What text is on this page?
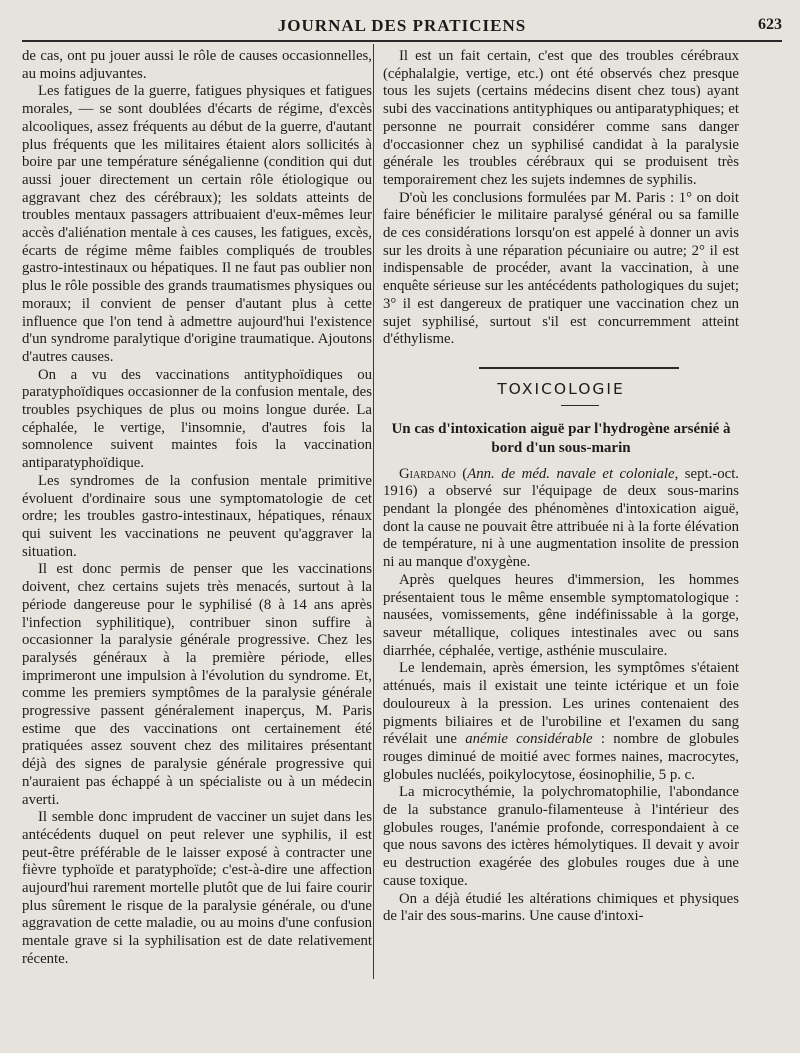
JOURNAL DES PRATICIENS	623

de cas, ont pu jouer aussi le rôle de causes occasionnelles, au moins adjuvantes.

Les fatigues de la guerre, fatigues physiques et fatigues morales, — se sont doublées d'écarts de régime, d'excès alcooliques, assez fréquents au début de la guerre, d'autant plus fréquents que les militaires étaient alors sollicités à boire par une température sénégalienne (condition qui dut aussi jouer directement un certain rôle étiologique ou aggravant chez des cérébraux); les soldats atteints de troubles mentaux passagers attribuaient d'eux-mêmes leur accès d'aliénation mentale à ces causes, les fatigues, excès, écarts de régime même faibles compliqués de troubles gastro-intestinaux ou hépatiques. Il ne faut pas oublier non plus le rôle possible des grands traumatismes physiques ou moraux; il convient de penser d'autant plus à cette influence que l'on tend à admettre aujourd'hui l'existence d'un syndrome paralytique d'origine traumatique. Ajoutons d'autres causes.

On a vu des vaccinations antityphoïdiques ou paratyphoïdiques occasionner de la confusion mentale, des troubles psychiques de plus ou moins longue durée. La céphalée, le vertige, l'insomnie, d'autres fois la somnolence suivent maintes fois la vaccination antiparatyphoïdique.

Les syndromes de la confusion mentale primitive évoluent d'ordinaire sous une symptomatologie de cet ordre; les troubles gastro-intestinaux, hépatiques, rénaux qui suivent les vaccinations ne peuvent qu'aggraver la situation.

Il est donc permis de penser que les vaccinations doivent, chez certains sujets très menacés, surtout à la période dangereuse pour le syphilisé (8 à 14 ans après l'infection syphilitique), contribuer sinon suffire à occasionner la paralysie générale progressive. Chez les paralysés généraux à la première période, elles imprimeront une impulsion à l'évolution du syndrome. Et, comme les premiers symptômes de la paralysie générale progressive passent généralement inaperçus, M. Paris estime que des vaccinations ont certainement été pratiquées assez souvent chez des militaires présentant déjà des signes de paralysie générale progressive qui n'auraient pas échappé à un spécialiste ou à un médecin averti.

Il semble donc imprudent de vacciner un sujet dans les antécédents duquel on peut relever une syphilis, il est peut-être préférable de le laisser exposé à contracter une fièvre typhoïde et paratyphoïde; c'est-à-dire une affection aujourd'hui rarement mortelle plutôt que de lui faire courir plus sûrement le risque de la paralysie générale, ou d'une aggravation de cette maladie, ou au moins d'une confusion mentale grave si la syphilisation est de date relativement récente.

Il est un fait certain, c'est que des troubles cérébraux (céphalalgie, vertige, etc.) ont été observés chez presque tous les sujets (certains médecins disent chez tous) ayant subi des vaccinations antityphiques ou antiparatyphiques; et personne ne pourrait considérer comme sans danger d'occasionner chez un syphilisé candidat à la paralysie générale les troubles cérébraux qui se produisent très temporairement chez les sujets indemnes de syphilis.

D'où les conclusions formulées par M. Paris : 1° on doit faire bénéficier le militaire paralysé général ou sa famille de ces considérations lorsqu'on est appelé à donner un avis sur les droits à une réparation pécuniaire ou autre; 2° il est indispensable de procéder, avant la vaccination, à une enquête sérieuse sur les antécédents pathologiques du sujet; 3° il est dangereux de pratiquer une vaccination chez un sujet syphilisé, surtout s'il est concurremment atteint d'éthylisme.

TOXICOLOGIE
Un cas d'intoxication aiguë par l'hydrogène arsénié à bord d'un sous-marin

Giardano (Ann. de méd. navale et coloniale, sept.-oct. 1916) a observé sur l'équipage de deux sous-marins pendant la plongée des phénomènes d'intoxication aiguë, dont la cause ne pouvait être attribuée ni à la forte élévation de température, ni à une augmentation insolite de pression ni au manque d'oxygène.

Après quelques heures d'immersion, les hommes présentaient tous le même ensemble symptomatologique : nausées, vomissements, gêne indéfinissable à la gorge, saveur métallique, coliques intestinales avec ou sans diarrhée, céphalée, vertige, asthénie musculaire.

Le lendemain, après émersion, les symptômes s'étaient atténués, mais il existait une teinte ictérique et un foie douloureux à la pression. Les urines contenaient des pigments biliaires et de l'urobiline et l'examen du sang révélait une anémie considérable : nombre de globules rouges diminué de moitié avec formes naines, macrocytes, globules nucléés, poikylocytose, éosinophilie, 5 p. c.

La microcythémie, la polychromatophilie, l'abondance de la substance granulo-filamenteuse à l'intérieur des globules rouges, l'anémie profonde, correspondaient à ce que nous savons des ictères hémolytiques. Il devait y avoir eu destruction exagérée des globules rouges due à une cause toxique.

On a déjà étudié les altérations chimiques et physiques de l'air des sous-marins. Une cause d'intoxi-
